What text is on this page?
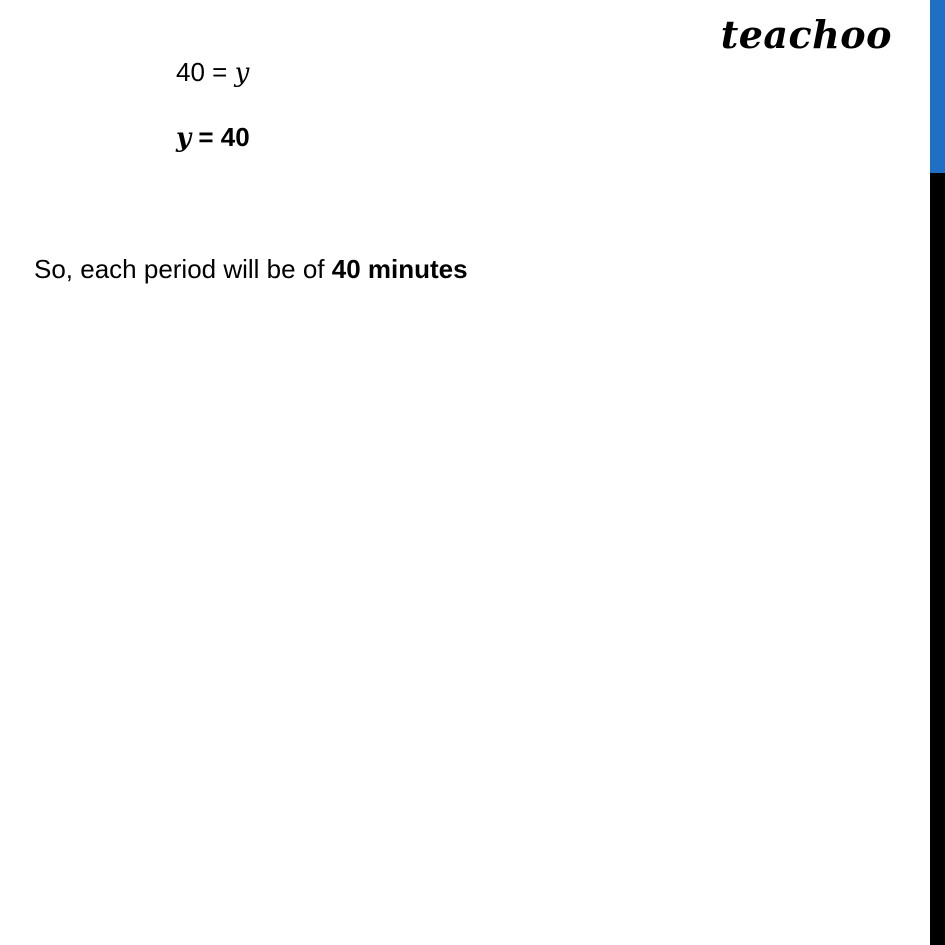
teachoo
40 = y
y = 40
So, each period will be of 40 minutes
